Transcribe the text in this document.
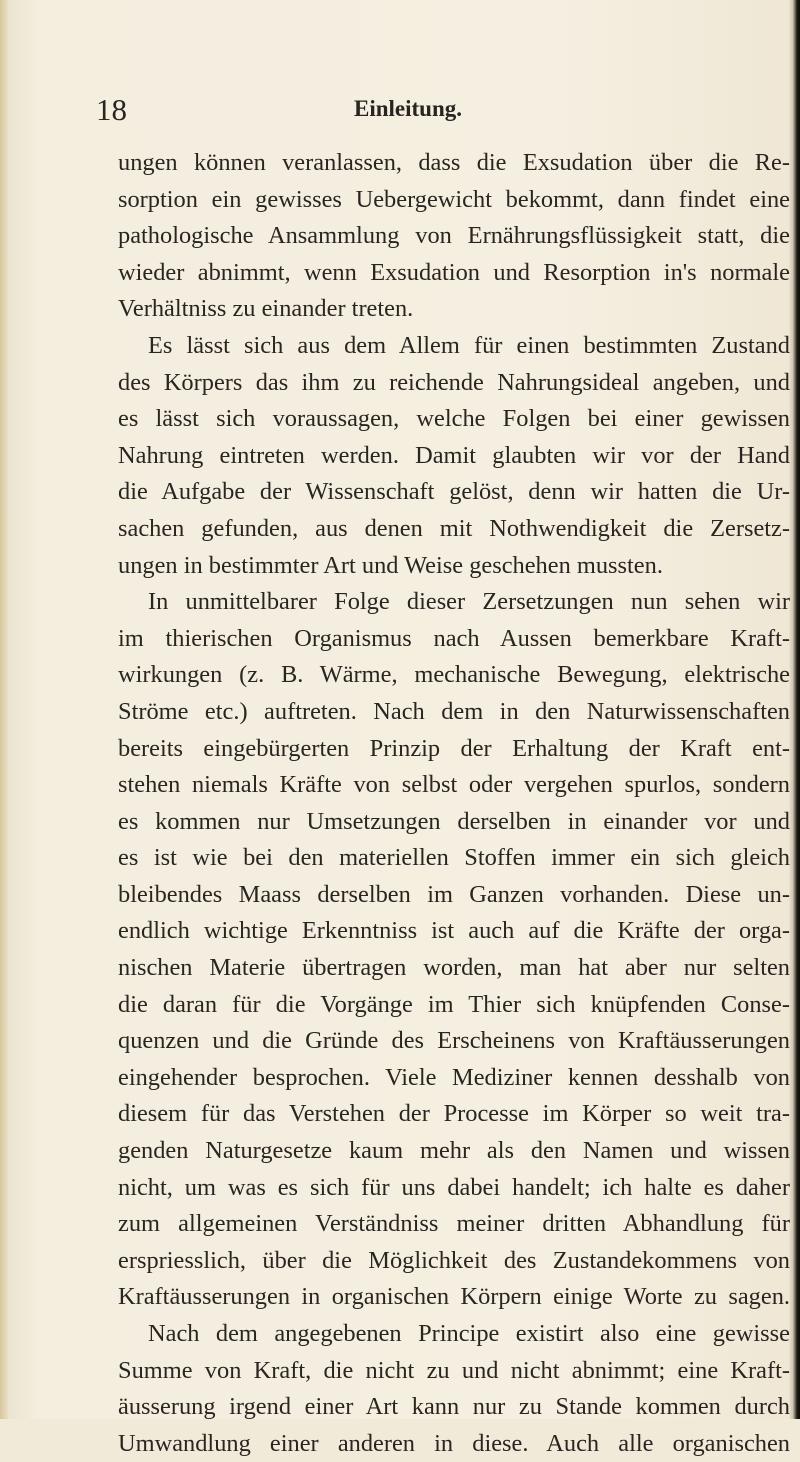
18	Einleitung.
ungen können veranlassen, dass die Exsudation über die Re-
sorption ein gewisses Uebergewicht bekommt, dann findet eine
pathologische Ansammlung von Ernährungsflüssigkeit statt, die
wieder abnimmt, wenn Exsudation und Resorption in's normale
Verhältniss zu einander treten.
Es lässt sich aus dem Allem für einen bestimmten Zustand
des Körpers das ihm zu reichende Nahrungsideal angeben, und
es lässt sich voraussagen, welche Folgen bei einer gewissen
Nahrung eintreten werden. Damit glaubten wir vor der Hand
die Aufgabe der Wissenschaft gelöst, denn wir hatten die Ur-
sachen gefunden, aus denen mit Nothwendigkeit die Zersetz-
ungen in bestimmter Art und Weise geschehen mussten.
In unmittelbarer Folge dieser Zersetzungen nun sehen wir
im thierischen Organismus nach Aussen bemerkbare Kraft-
wirkungen (z. B. Wärme, mechanische Bewegung, elektrische
Ströme etc.) auftreten. Nach dem in den Naturwissenschaften
bereits eingebürgerten Prinzip der Erhaltung der Kraft ent-
stehen niemals Kräfte von selbst oder vergehen spurlos, sondern
es kommen nur Umsetzungen derselben in einander vor und
es ist wie bei den materiellen Stoffen immer ein sich gleich
bleibendes Maass derselben im Ganzen vorhanden. Diese un-
endlich wichtige Erkenntniss ist auch auf die Kräfte der orga-
nischen Materie übertragen worden, man hat aber nur selten
die daran für die Vorgänge im Thier sich knüpfenden Conse-
quenzen und die Gründe des Erscheinens von Kraftäusserungen
eingehender besprochen. Viele Mediziner kennen desshalb von
diesem für das Verstehen der Processe im Körper so weit tra-
genden Naturgesetze kaum mehr als den Namen und wissen
nicht, um was es sich für uns dabei handelt; ich halte es daher
zum allgemeinen Verständniss meiner dritten Abhandlung für
erspriesslich, über die Möglichkeit des Zustandekommens von
Kraftäusserungen in organischen Körpern einige Worte zu sagen.
Nach dem angegebenen Principe existirt also eine gewisse
Summe von Kraft, die nicht zu und nicht abnimmt; eine Kraft-
äusserung irgend einer Art kann nur zu Stande kommen durch
Umwandlung einer anderen in diese. Auch alle organischen
